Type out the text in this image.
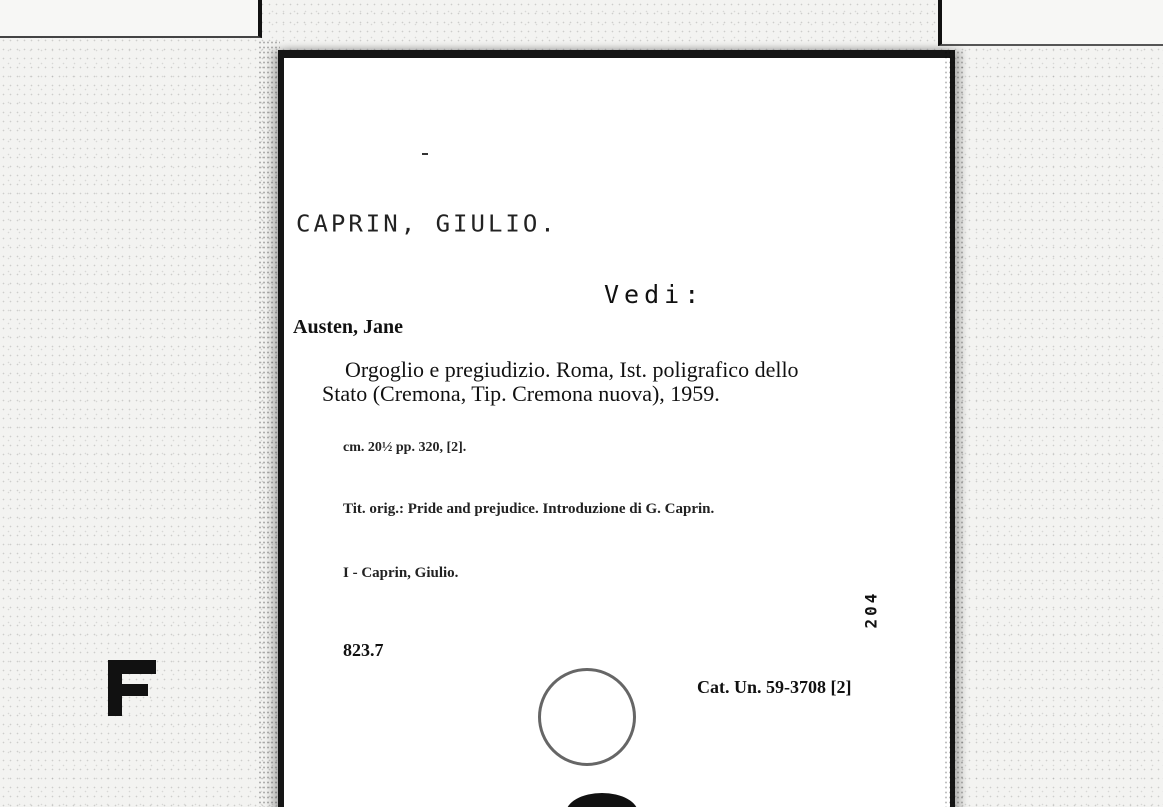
CAPRIN, GIULIO.
Vedi:
Austen, Jane
Orgoglio e pregiudizio. Roma, Ist. poligrafico dello
Stato (Cremona, Tip. Cremona nuova), 1959.
cm. 20½ pp. 320, [2].
Tit. orig.: Pride and prejudice. Introduzione di G. Caprin.
I - Caprin, Giulio.
823.7
204
Cat. Un. 59-3708 [2]
